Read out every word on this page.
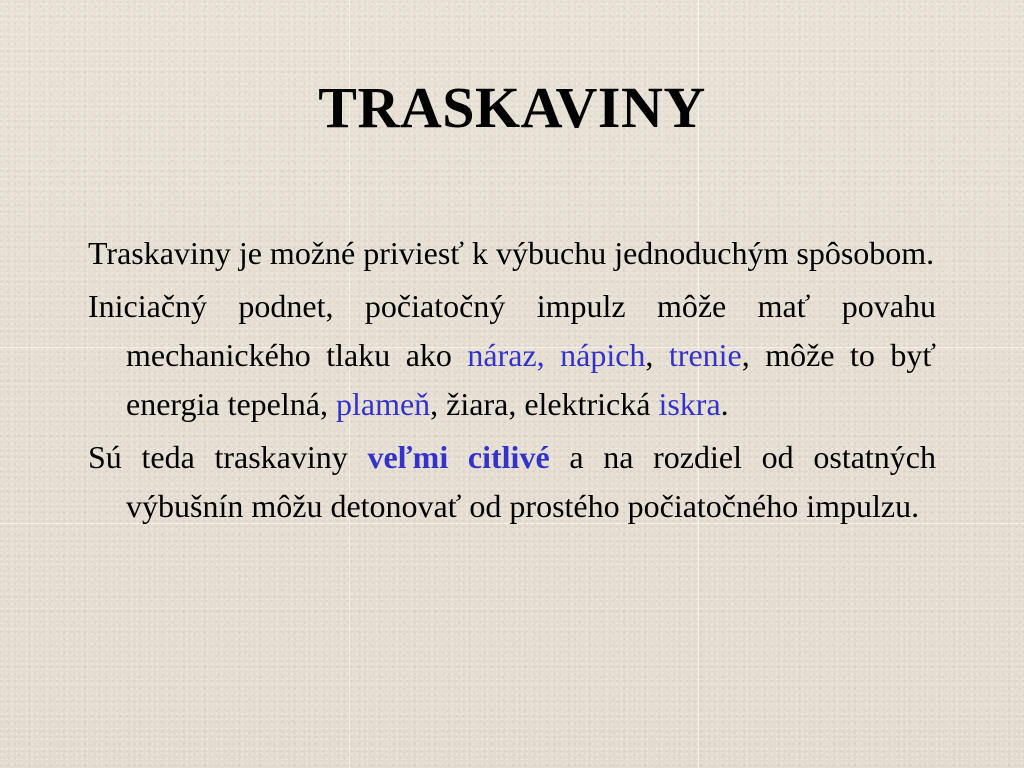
TRASKAVINY

Traskaviny je možné priviesť k výbuchu jednoduchým spôsobom.

Iniciačný podnet, počiatočný impulz môže mať povahu mechanického tlaku ako náraz, nápich, trenie, môže to byť energia tepelná, plameň, žiara, elektrická iskra.

Sú teda traskaviny veľmi citlivé a na rozdiel od ostatných výbušnín môžu detonovať od prostého počiatočného impulzu.
